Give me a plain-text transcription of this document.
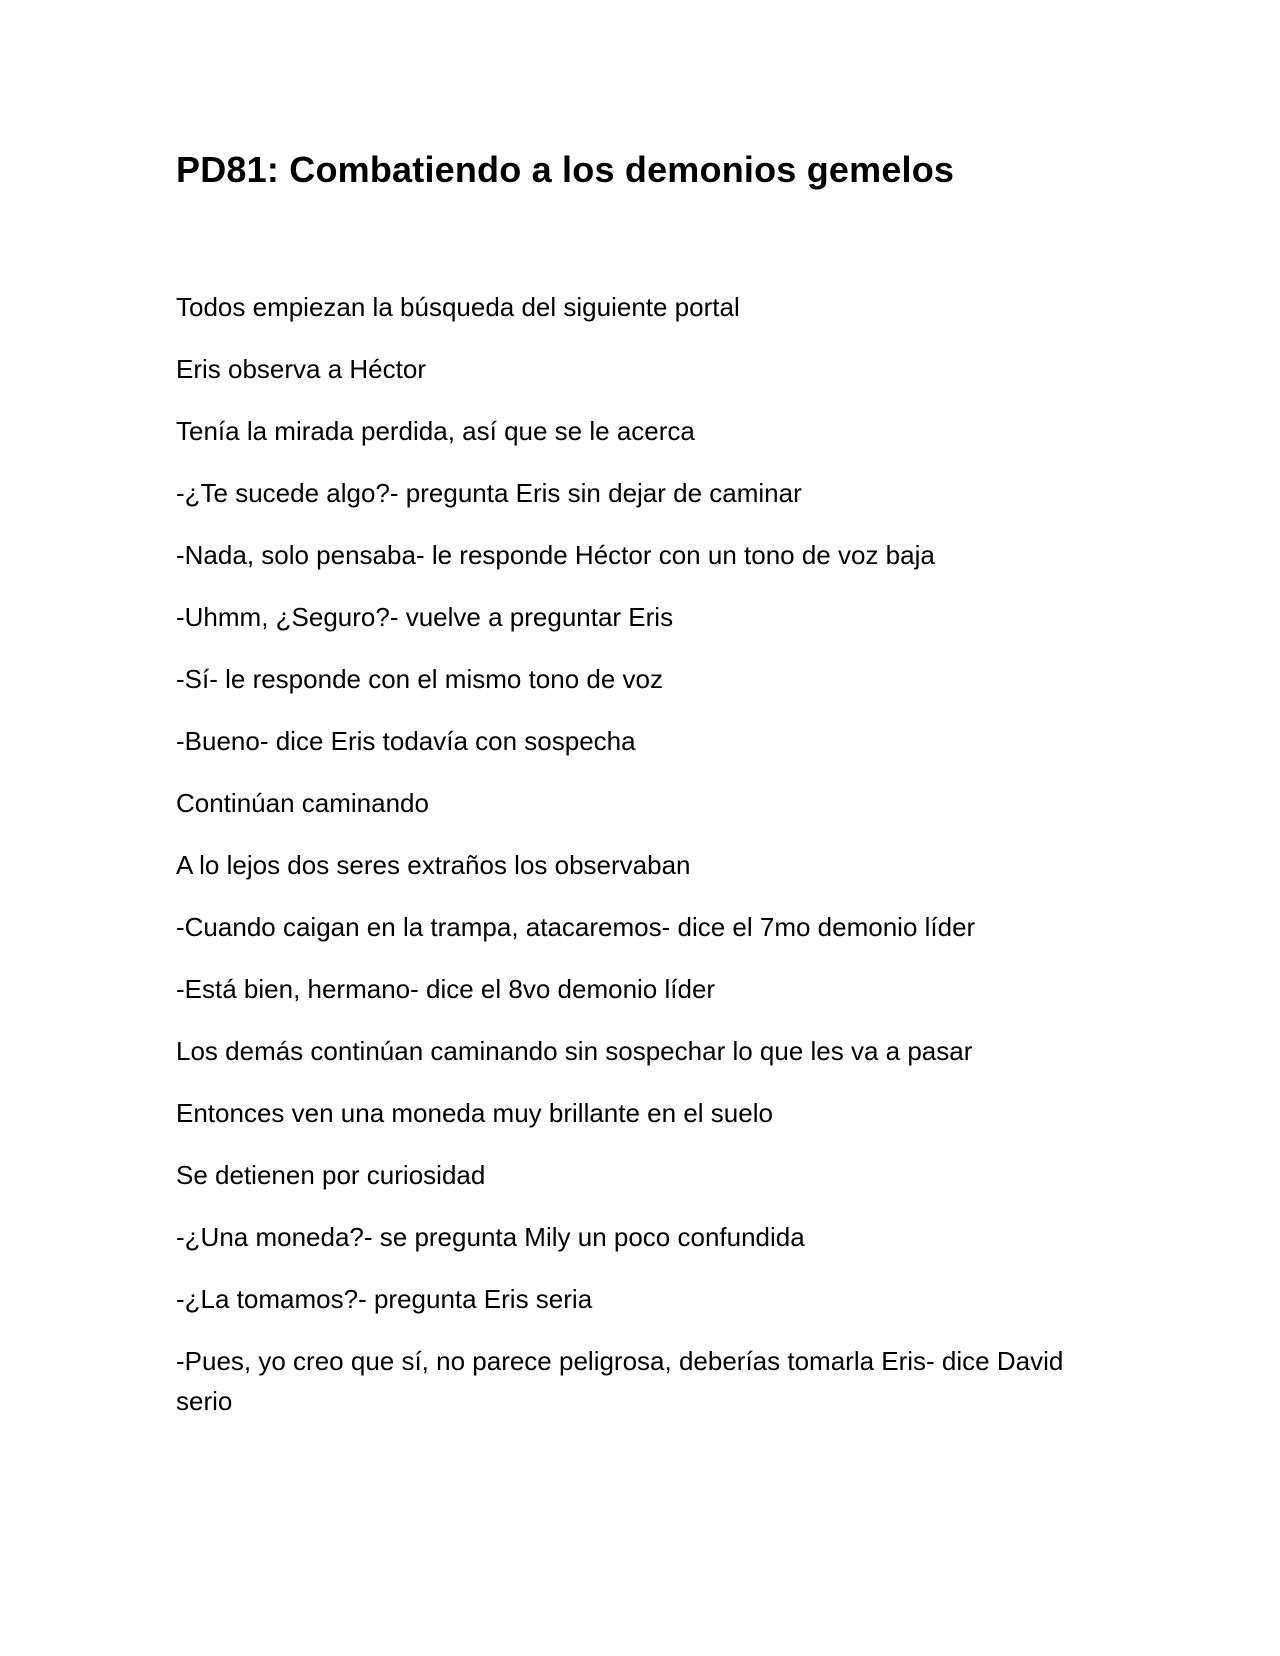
PD81: Combatiendo a los demonios gemelos

Todos empiezan la búsqueda del siguiente portal

Eris observa a Héctor

Tenía la mirada perdida, así que se le acerca

-¿Te sucede algo?- pregunta Eris sin dejar de caminar

-Nada, solo pensaba- le responde Héctor con un tono de voz baja

-Uhmm, ¿Seguro?- vuelve a preguntar Eris

-Sí- le responde con el mismo tono de voz

-Bueno- dice Eris todavía con sospecha

Continúan caminando

A lo lejos dos seres extraños los observaban

-Cuando caigan en la trampa, atacaremos- dice el 7mo demonio líder

-Está bien, hermano- dice el 8vo demonio líder

Los demás continúan caminando sin sospechar lo que les va a pasar

Entonces ven una moneda muy brillante en el suelo

Se detienen por curiosidad

-¿Una moneda?- se pregunta Mily un poco confundida

-¿La tomamos?- pregunta Eris seria

-Pues, yo creo que sí, no parece peligrosa, deberías tomarla Eris- dice David serio
